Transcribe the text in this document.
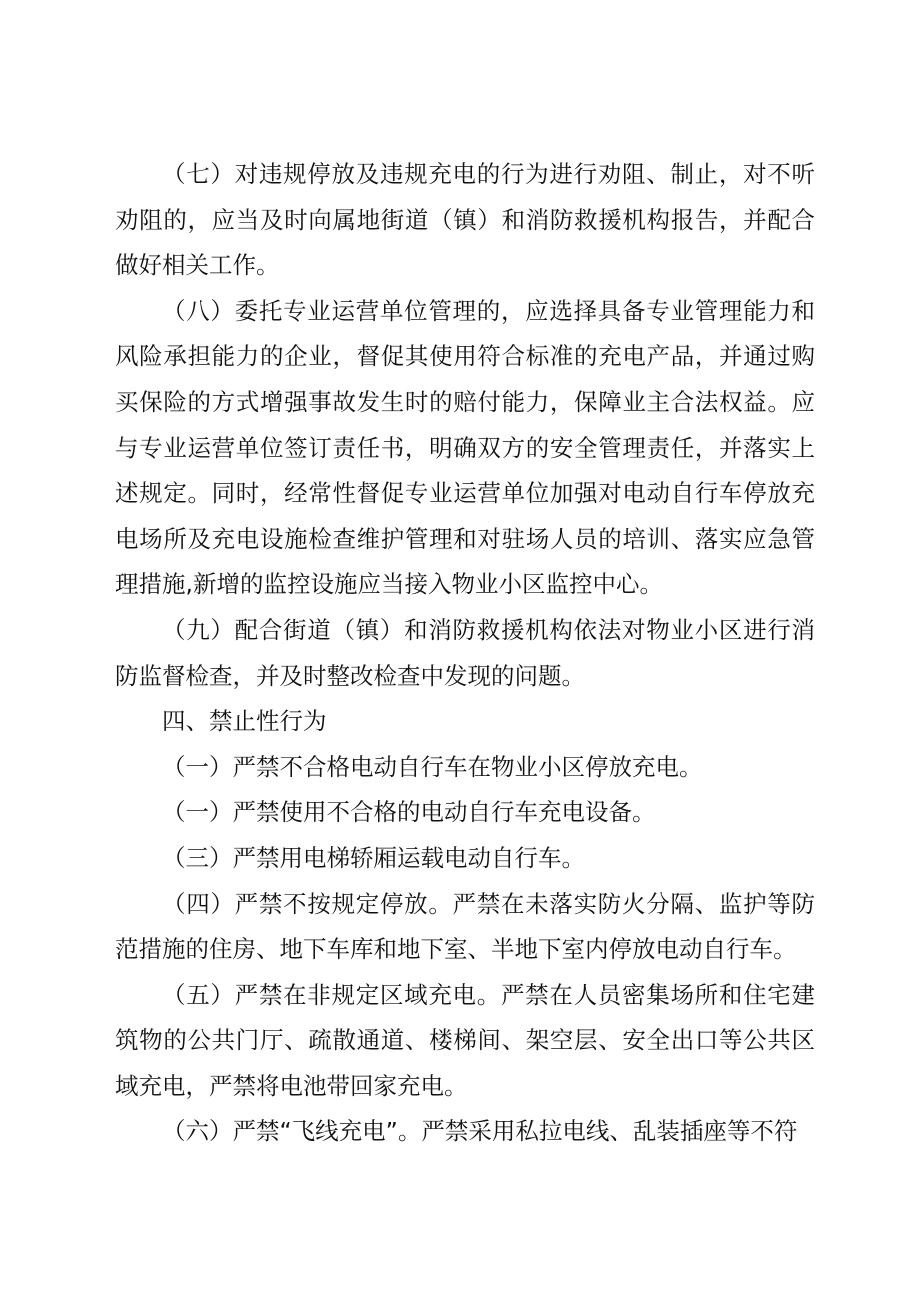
（七）对违规停放及违规充电的行为进行劝阻、制止，对不听劝阻的，应当及时向属地街道（镇）和消防救援机构报告，并配合做好相关工作。

（八）委托专业运营单位管理的，应选择具备专业管理能力和风险承担能力的企业，督促其使用符合标准的充电产品，并通过购买保险的方式增强事故发生时的赔付能力，保障业主合法权益。应与专业运营单位签订责任书，明确双方的安全管理责任，并落实上述规定。同时，经常性督促专业运营单位加强对电动自行车停放充电场所及充电设施检查维护管理和对驻场人员的培训、落实应急管理措施,新增的监控设施应当接入物业小区监控中心。

（九）配合街道（镇）和消防救援机构依法对物业小区进行消防监督检查，并及时整改检查中发现的问题。

四、禁止性行为

（一）严禁不合格电动自行车在物业小区停放充电。

（一）严禁使用不合格的电动自行车充电设备。

（三）严禁用电梯轿厢运载电动自行车。

（四）严禁不按规定停放。严禁在未落实防火分隔、监护等防范措施的住房、地下车库和地下室、半地下室内停放电动自行车。

（五）严禁在非规定区域充电。严禁在人员密集场所和住宅建筑物的公共门厅、疏散通道、楼梯间、架空层、安全出口等公共区域充电，严禁将电池带回家充电。

（六）严禁“飞线充电”。严禁采用私拉电线、乱装插座等不符
